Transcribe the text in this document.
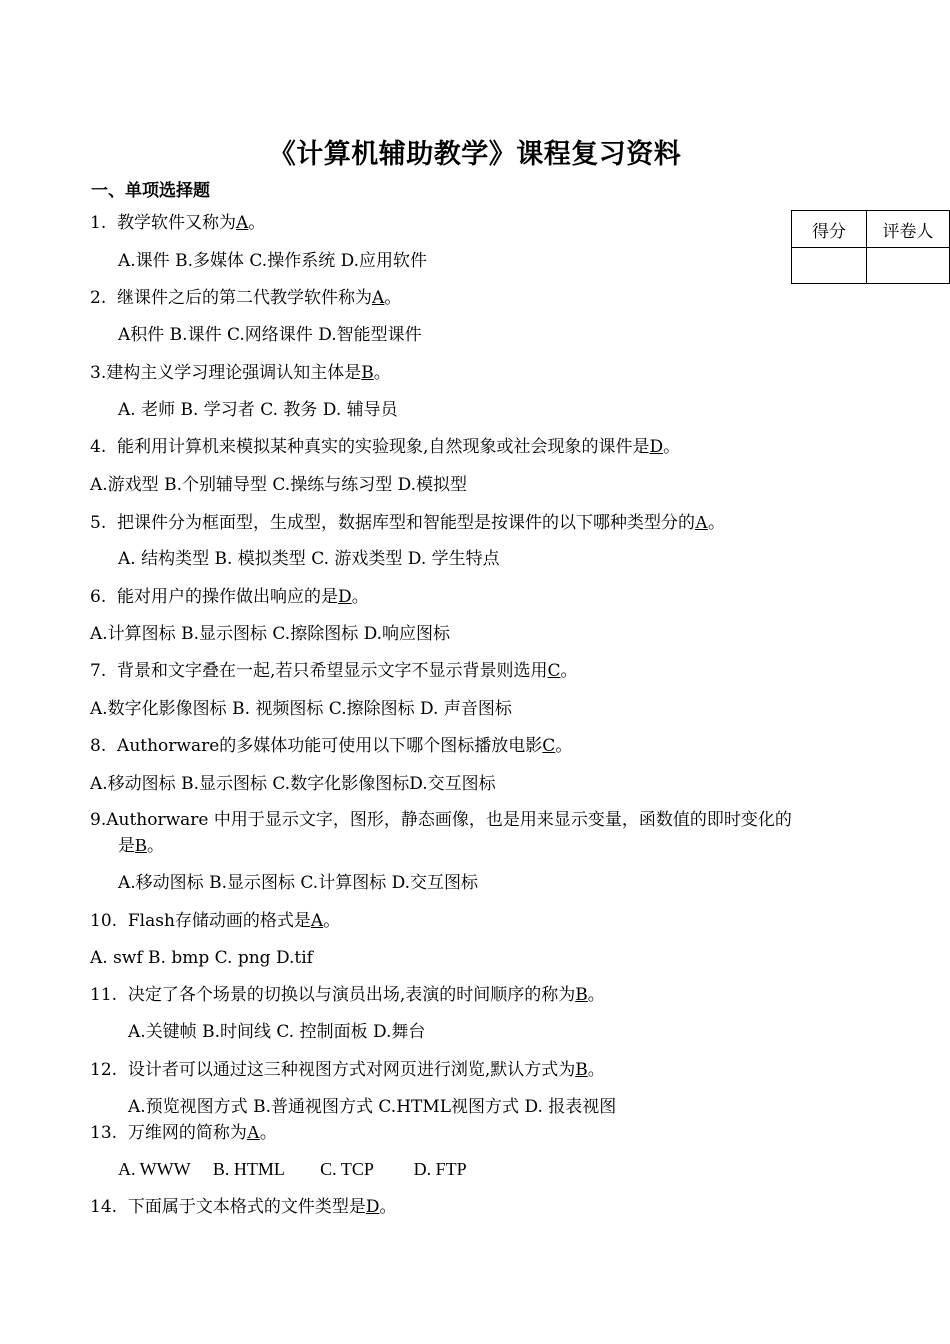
《计算机辅助教学》课程复习资料
一、单项选择题
得分	评卷人

1. 教学软件又称为A。
A.课件 B.多媒体 C.操作系统 D.应用软件
2. 继课件之后的第二代教学软件称为A。
A积件 B.课件 C.网络课件 D.智能型课件
3.建构主义学习理论强调认知主体是B。
A. 老师 B. 学习者 C. 教务 D. 辅导员
4. 能利用计算机来模拟某种真实的实验现象,自然现象或社会现象的课件是D。
A.游戏型 B.个别辅导型 C.操练与练习型 D.模拟型
5. 把课件分为框面型，生成型，数据库型和智能型是按课件的以下哪种类型分的A。
A. 结构类型 B. 模拟类型 C. 游戏类型 D. 学生特点
6. 能对用户的操作做出响应的是D。
A.计算图标 B.显示图标 C.擦除图标 D.响应图标
7. 背景和文字叠在一起,若只希望显示文字不显示背景则选用C。
A.数字化影像图标 B. 视频图标 C.擦除图标 D. 声音图标
8. Authorware的多媒体功能可使用以下哪个图标播放电影C。
A.移动图标 B.显示图标 C.数字化影像图标D.交互图标
9.Authorware 中用于显示文字，图形，静态画像，也是用来显示变量，函数值的即时变化的
是B。
A.移动图标 B.显示图标 C.计算图标 D.交互图标
10. Flash存储动画的格式是A。
A. swf B. bmp C. png D.tif
11. 决定了各个场景的切换以与演员出场,表演的时间顺序的称为B。
A.关键帧 B.时间线 C. 控制面板 D.舞台
12. 设计者可以通过这三种视图方式对网页进行浏览,默认方式为B。
A.预览视图方式 B.普通视图方式 C.HTML视图方式 D. 报表视图
13. 万维网的简称为A。
A. WWW     B. HTML        C. TCP         D. FTP
14. 下面属于文本格式的文件类型是D。
